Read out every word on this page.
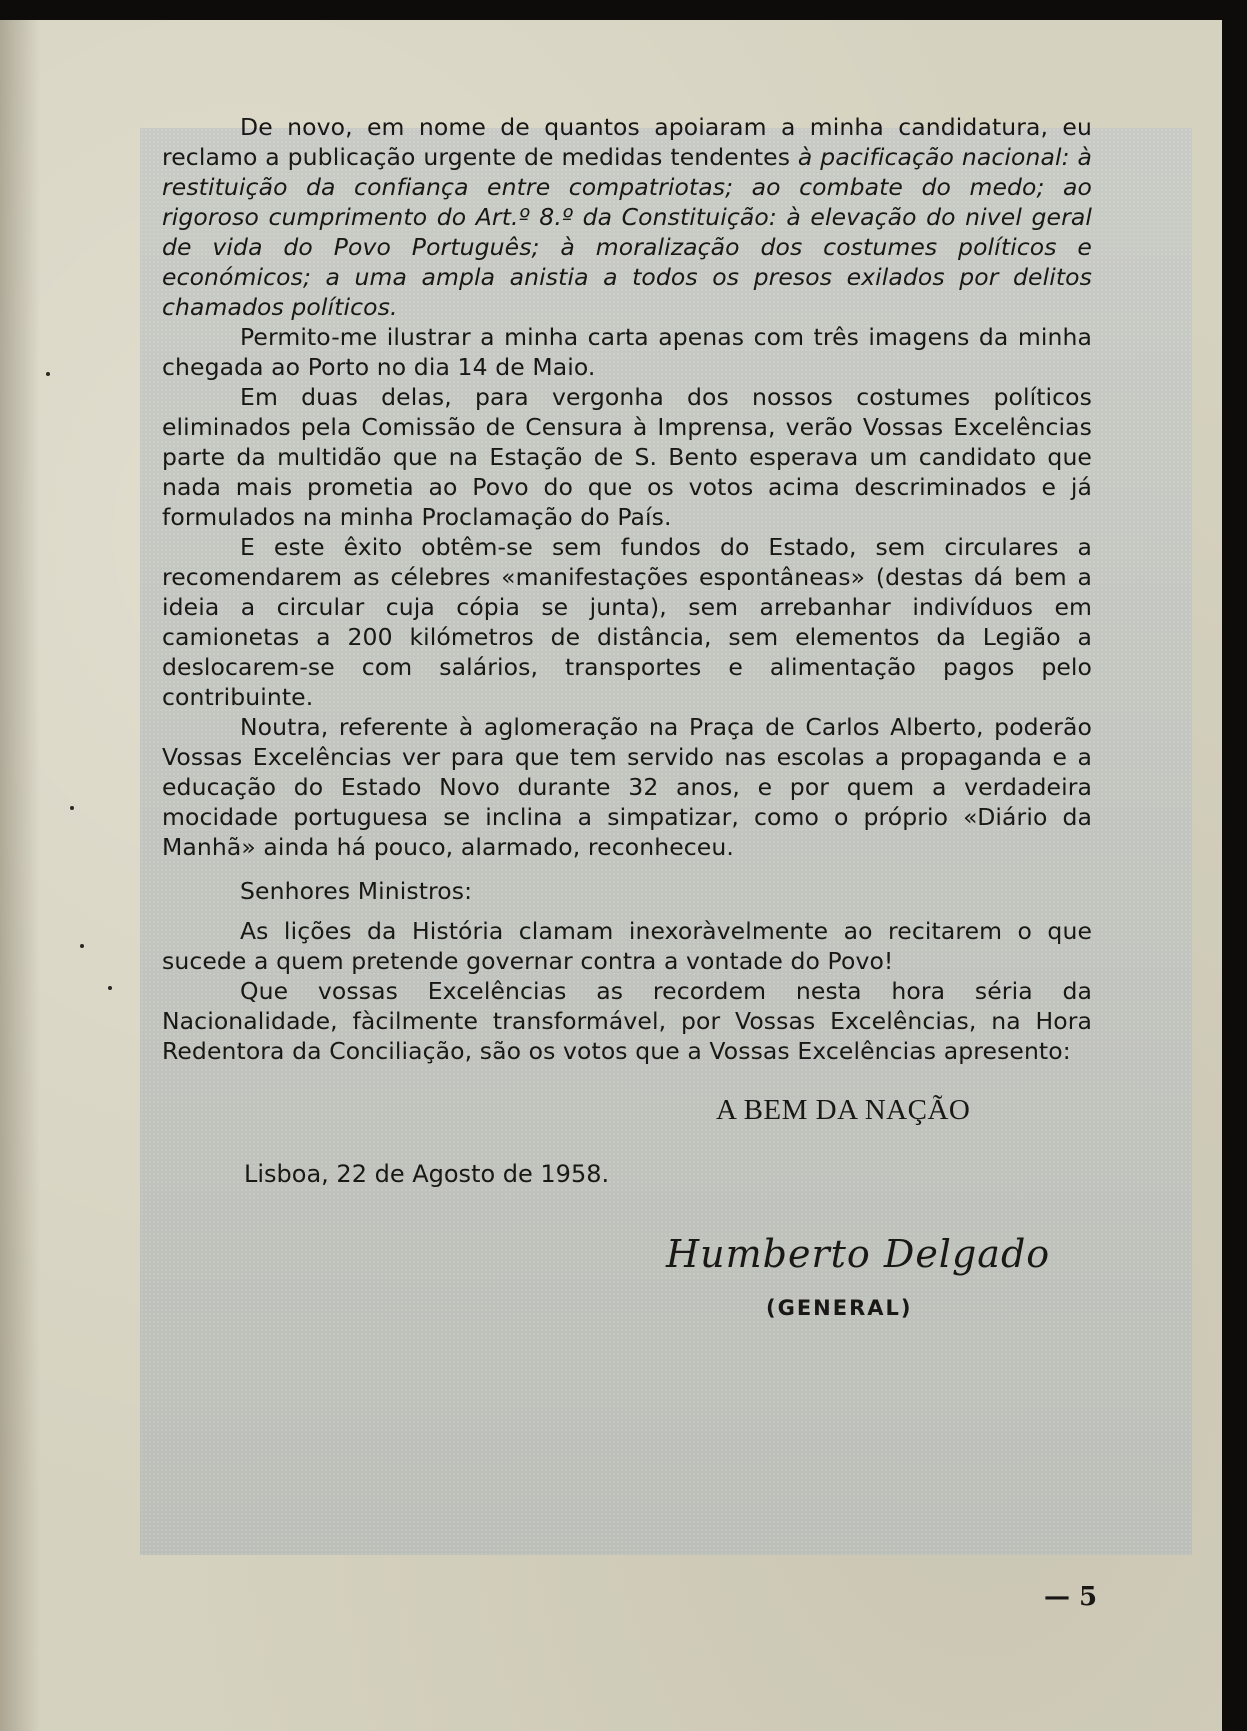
De novo, em nome de quantos apoiaram a minha candidatura, eu reclamo a publicação urgente de medidas tendentes à pacificação nacional: à restituição da confiança entre compatriotas; ao combate do medo; ao rigoroso cumprimento do Art.º 8.º da Constituição: à elevação do nivel geral de vida do Povo Português; à moralização dos costumes políticos e económicos; a uma ampla anistia a todos os presos exilados por delitos chamados políticos.

Permito-me ilustrar a minha carta apenas com três imagens da minha chegada ao Porto no dia 14 de Maio.

Em duas delas, para vergonha dos nossos costumes políticos eliminados pela Comissão de Censura à Imprensa, verão Vossas Excelências parte da multidão que na Estação de S. Bento esperava um candidato que nada mais prometia ao Povo do que os votos acima descriminados e já formulados na minha Proclamação do País.

E este êxito obtêm-se sem fundos do Estado, sem circulares a recomendarem as célebres «manifestações espontâneas» (destas dá bem a ideia a circular cuja cópia se junta), sem arrebanhar indivíduos em camionetas a 200 kilómetros de distância, sem elementos da Legião a deslocarem-se com salários, transportes e alimentação pagos pelo contribuinte.

Noutra, referente à aglomeração na Praça de Carlos Alberto, poderão Vossas Excelências ver para que tem servido nas escolas a propaganda e a educação do Estado Novo durante 32 anos, e por quem a verdadeira mocidade portuguesa se inclina a simpatizar, como o próprio «Diário da Manhã» ainda há pouco, alarmado, reconheceu.

Senhores Ministros:

As lições da História clamam inexoràvelmente ao recitarem o que sucede a quem pretende governar contra a vontade do Povo!

Que vossas Excelências as recordem nesta hora séria da Nacionalidade, fàcilmente transformável, por Vossas Excelências, na Hora Redentora da Conciliação, são os votos que a Vossas Excelências apresento:

A BEM DA NAÇÃO
Lisboa, 22 de Agosto de 1958.
Humberto Delgado
(GENERAL)
— 5
